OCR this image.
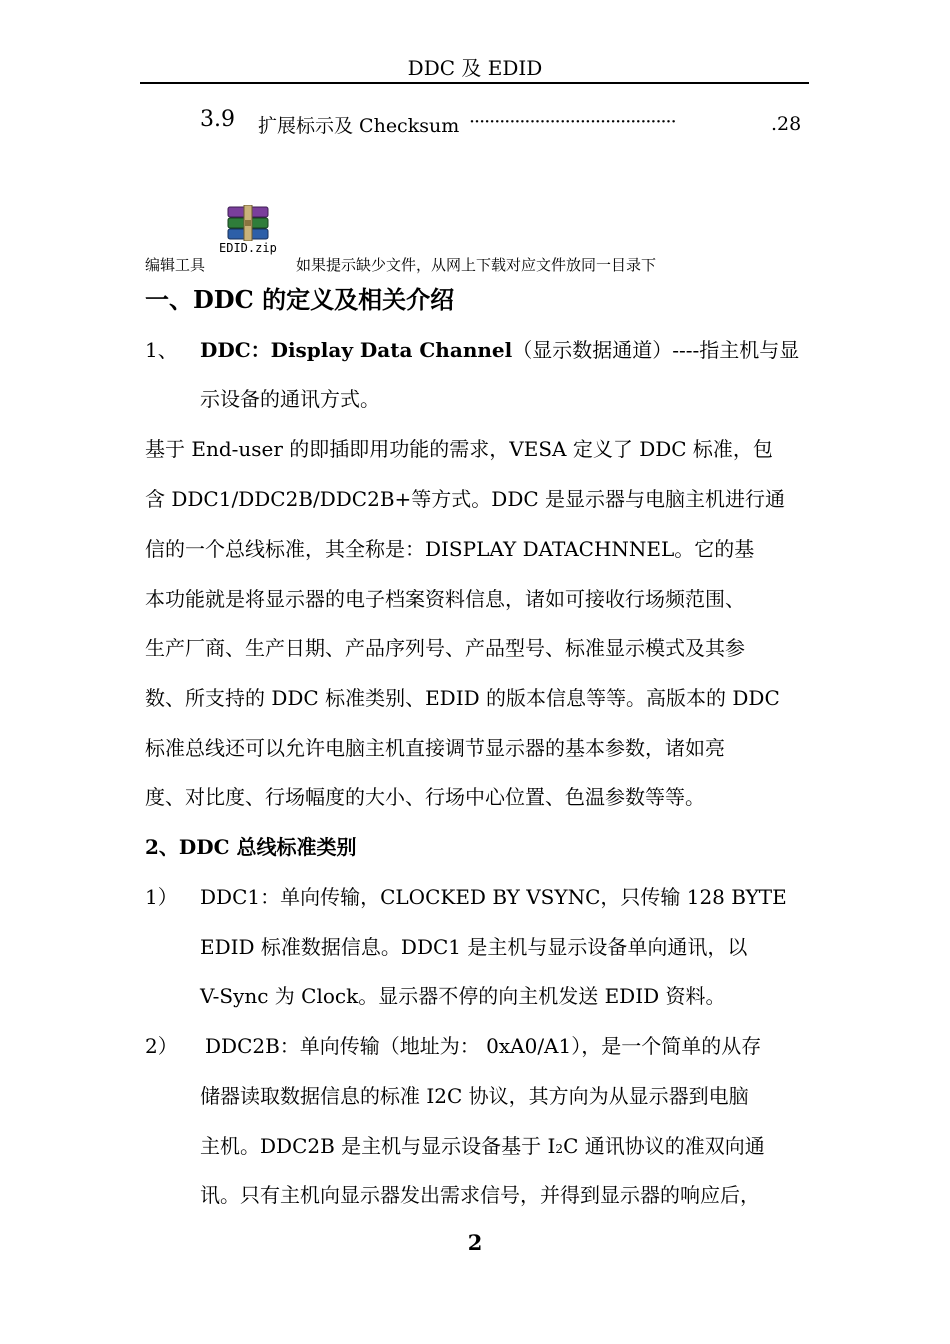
DDC 及 EDID
3.9 扩展标示及 Checksum ·········································	.28
编辑工具
EDID.zip
如果提示缺少文件，从网上下载对应文件放同一目录下
一、DDC 的定义及相关介绍
1、 DDC：Display Data Channel（显示数据通道）----指主机与显
示设备的通讯方式。
基于 End-user 的即插即用功能的需求，VESA 定义了 DDC 标准，包
含 DDC1/DDC2B/DDC2B+等方式。DDC 是显示器与电脑主机进行通
信的一个总线标准，其全称是：DISPLAY DATACHNNEL。它的基
本功能就是将显示器的电子档案资料信息，诸如可接收行场频范围、
生产厂商、生产日期、产品序列号、产品型号、标准显示模式及其参
数、所支持的 DDC 标准类别、EDID 的版本信息等等。高版本的 DDC
标准总线还可以允许电脑主机直接调节显示器的基本参数，诸如亮
度、对比度、行场幅度的大小、行场中心位置、色温参数等等。
2、DDC 总线标准类别
1） DDC1：单向传输，CLOCKED BY VSYNC，只传输 128 BYTE
EDID 标准数据信息。DDC1 是主机与显示设备单向通讯，以
V-Sync 为 Clock。显示器不停的向主机发送 EDID 资料。
2） DDC2B：单向传输（地址为： 0xA0/A1），是一个简单的从存
储器读取数据信息的标准 I2C 协议，其方向为从显示器到电脑
主机。DDC2B 是主机与显示设备基于 I2C 通讯协议的准双向通
讯。只有主机向显示器发出需求信号，并得到显示器的响应后，
2
